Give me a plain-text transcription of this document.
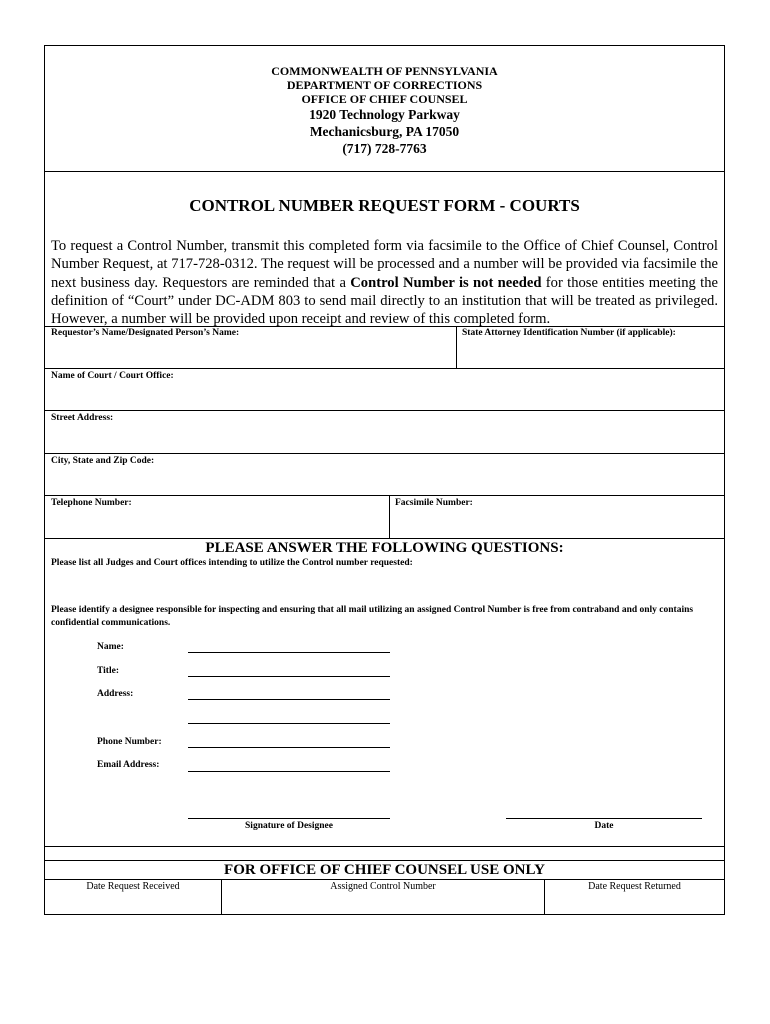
COMMONWEALTH OF PENNSYLVANIA
DEPARTMENT OF CORRECTIONS
OFFICE OF CHIEF COUNSEL
1920 Technology Parkway
Mechanicsburg, PA 17050
(717) 728-7763
CONTROL NUMBER REQUEST FORM - COURTS
To request a Control Number, transmit this completed form via facsimile to the Office of Chief Counsel, Control Number Request, at 717-728-0312. The request will be processed and a number will be provided via facsimile the next business day. Requestors are reminded that a Control Number is not needed for those entities meeting the definition of “Court” under DC-ADM 803 to send mail directly to an institution that will be treated as privileged. However, a number will be provided upon receipt and review of this completed form.
Requestor’s Name/Designated Person’s Name:	State Attorney Identification Number (if applicable):
Name of Court / Court Office:
Street Address:
City, State and Zip Code:
Telephone Number:	Facsimile Number:
PLEASE ANSWER THE FOLLOWING QUESTIONS:
Please list all Judges and Court offices intending to utilize the Control number requested:
Please identify a designee responsible for inspecting and ensuring that all mail utilizing an assigned Control Number is free from contraband and only contains confidential communications.
Name:
Title:
Address:
Phone Number:
Email Address:
Signature of Designee	Date
FOR OFFICE OF CHIEF COUNSEL USE ONLY
Date Request Received	Assigned Control Number	Date Request Returned
